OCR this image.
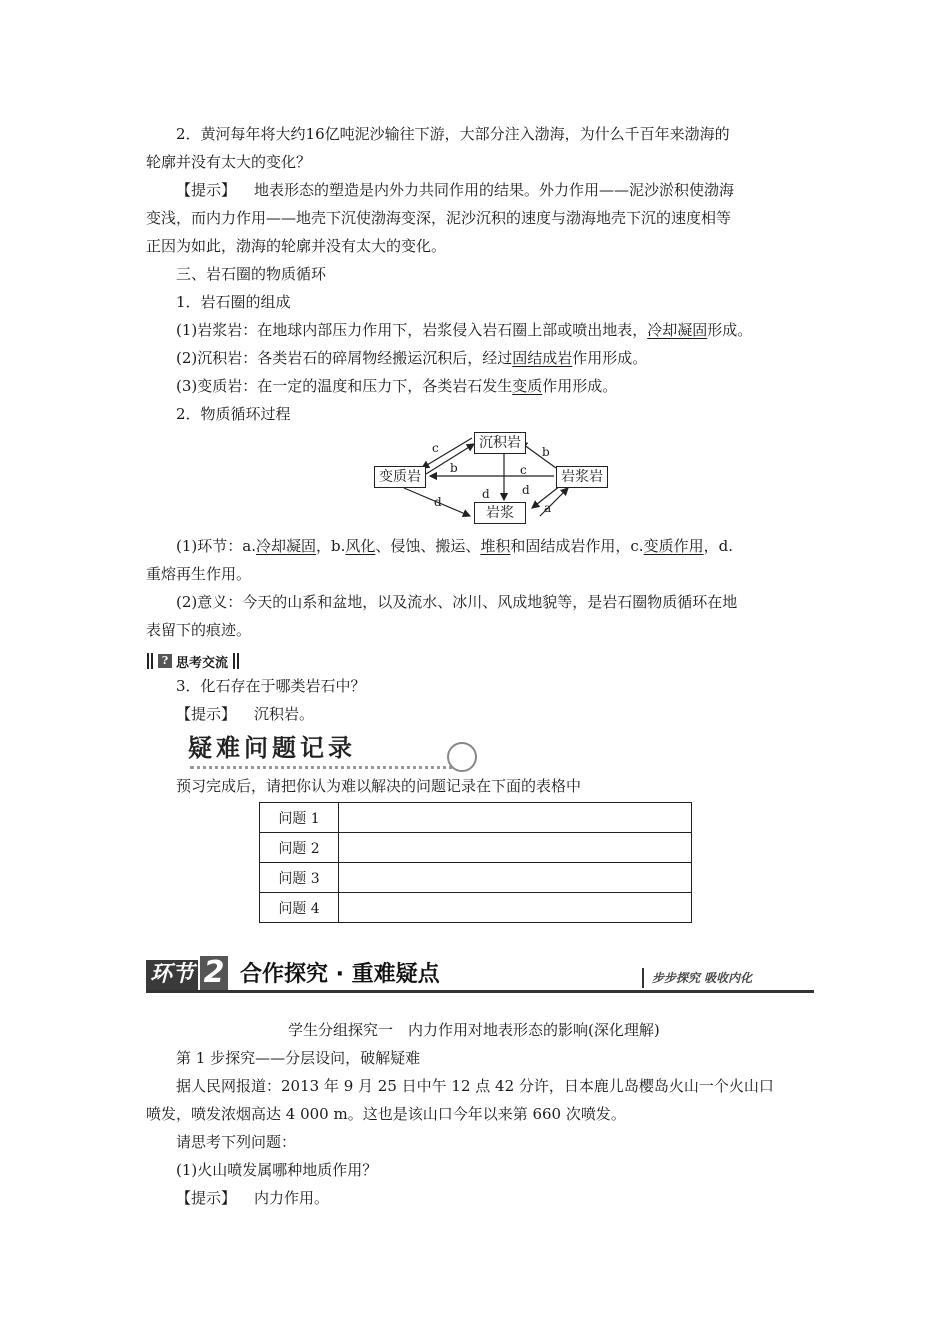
2．黄河每年将大约16亿吨泥沙输往下游，大部分注入渤海，为什么千百年来渤海的
轮廓并没有太大的变化？
【提示】 地表形态的塑造是内外力共同作用的结果。外力作用——泥沙淤积使渤海
变浅，而内力作用——地壳下沉使渤海变深，泥沙沉积的速度与渤海地壳下沉的速度相等
正因为如此，渤海的轮廓并没有太大的变化。
三、岩石圈的物质循环
1．岩石圈的组成
(1)岩浆岩：在地球内部压力作用下，岩浆侵入岩石圈上部或喷出地表，冷却凝固形成。
(2)沉积岩：各类岩石的碎屑物经搬运沉积后，经过固结成岩作用形成。
(3)变质岩：在一定的温度和压力下，各类岩石发生变质作用形成。
2．物质循环过程
沉积岩
变质岩	岩浆岩
岩浆
c
b
b
c
d
d	d
a
(1)环节：a.冷却凝固，b.风化、侵蚀、搬运、堆积和固结成岩作用，c.变质作用，d.
重熔再生作用。
(2)意义：今天的山系和盆地，以及流水、冰川、风成地貌等，是岩石圈物质循环在地
表留下的痕迹。
? 思考交流
3．化石存在于哪类岩石中？
【提示】 沉积岩。
疑难问题记录
预习完成后，请把你认为难以解决的问题记录在下面的表格中
问题 1	
问题 2	
问题 3	
问题 4	
环节 2 合作探究 · 重难疑点	步步探究 吸收内化
学生分组探究一　内力作用对地表形态的影响(深化理解)
第 1 步探究——分层设问，破解疑难
据人民网报道：2013 年 9 月 25 日中午 12 点 42 分许，日本鹿儿岛樱岛火山一个火山口
喷发，喷发浓烟高达 4 000 m。这也是该山口今年以来第 660 次喷发。
请思考下列问题：
(1)火山喷发属哪种地质作用？
【提示】 内力作用。
